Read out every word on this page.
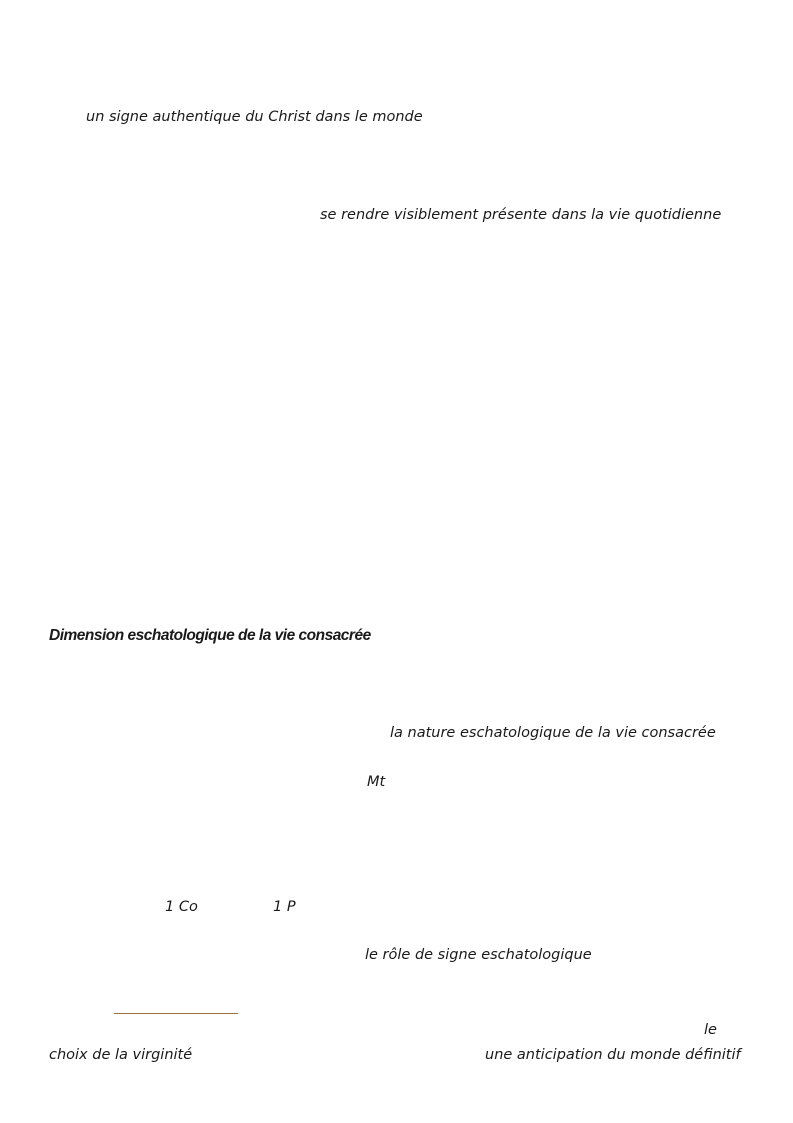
un signe authentique du Christ dans le monde
se rendre visiblement présente dans la vie quotidienne
Dimension eschatologique de la vie consacrée
la nature eschatologique de la vie consacrée
Mt
1 Co	1 P
le rôle de signe eschatologique
le
choix de la virginité	une anticipation du monde définitif
